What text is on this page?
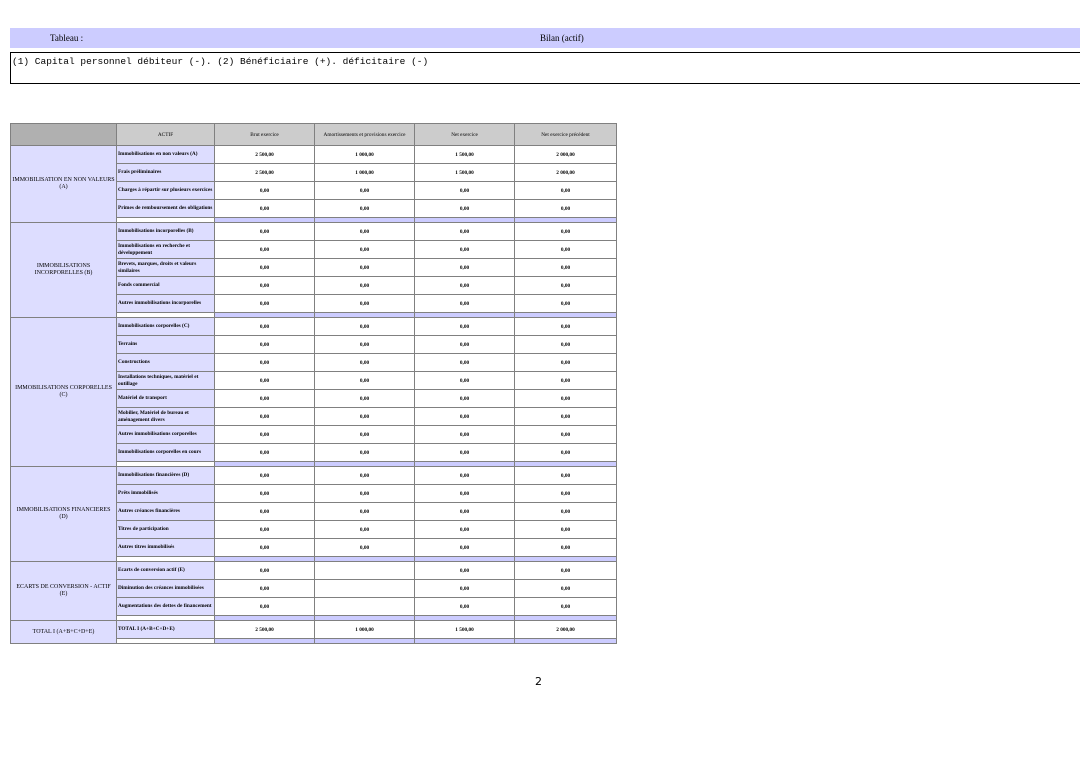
Tableau :	Bilan (actif)
(1) Capital personnel débiteur (-). (2) Bénéficiaire (+). déficitaire (-)
	ACTIF	Brut exercice	Amortissements et provisions exercice	Net exercice	Net exercice précédent
IMMOBILISATION EN NON VALEURS (A)	Immobilisations en non valeurs (A)	2 500,00	1 000,00	1 500,00	2 000,00
	Frais préliminaires	2 500,00	1 000,00	1 500,00	2 000,00
	Charges à répartir sur plusieurs exercices	0,00	0,00	0,00	0,00
	Primes de remboursement des obligations	0,00	0,00	0,00	0,00

IMMOBILISATIONS INCORPORELLES (B)	Immobilisations incorporelles (B)	0,00	0,00	0,00	0,00
	Immobilisations en recherche et développement	0,00	0,00	0,00	0,00
	Brevets, marques, droits et valeurs similaires	0,00	0,00	0,00	0,00
	Fonds commercial	0,00	0,00	0,00	0,00
	Autres immobilisations incorporelles	0,00	0,00	0,00	0,00

IMMOBILISATIONS CORPORELLES (C)	Immobilisations corporelles (C)	0,00	0,00	0,00	0,00
	Terrains	0,00	0,00	0,00	0,00
	Constructions	0,00	0,00	0,00	0,00
	Installations techniques, matériel et outillage	0,00	0,00	0,00	0,00
	Matériel de transport	0,00	0,00	0,00	0,00
	Mobilier, Matériel de bureau et aménagement divers	0,00	0,00	0,00	0,00
	Autres immobilisations corporelles	0,00	0,00	0,00	0,00
	Immobilisations corporelles en cours	0,00	0,00	0,00	0,00

IMMOBILISATIONS FINANCIERES (D)	Immobilisations financières (D)	0,00	0,00	0,00	0,00
	Prêts immobilisés	0,00	0,00	0,00	0,00
	Autres créances financières	0,00	0,00	0,00	0,00
	Titres de participation	0,00	0,00	0,00	0,00
	Autres titres immobilisés	0,00	0,00	0,00	0,00

ECARTS DE CONVERSION - ACTIF (E)	Ecarts de conversion actif (E)	0,00		0,00	0,00
	Diminution des créances immobilisées	0,00		0,00	0,00
	Augmentations des dettes de financement	0,00		0,00	0,00

TOTAL I (A+B+C+D+E)	TOTAL I (A+B+C+D+E)	2 500,00	1 000,00	1 500,00	2 000,00

2
